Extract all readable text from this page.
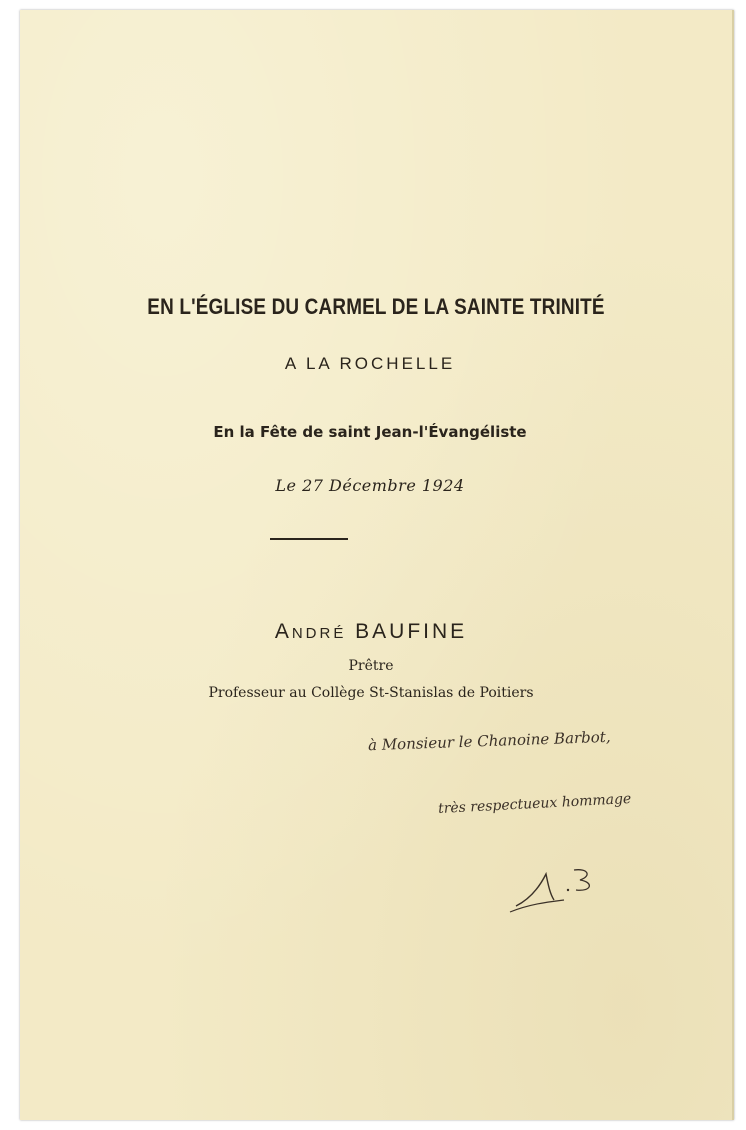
EN L'ÉGLISE DU CARMEL DE LA SAINTE TRINITÉ
A LA ROCHELLE
En la Fête de saint Jean-l'Évangéliste
Le 27 Décembre 1924
André BAUFINE
Prêtre
Professeur au Collège St-Stanislas de Poitiers
à Monsieur le Chanoine Barbot,
très respectueux hommage
